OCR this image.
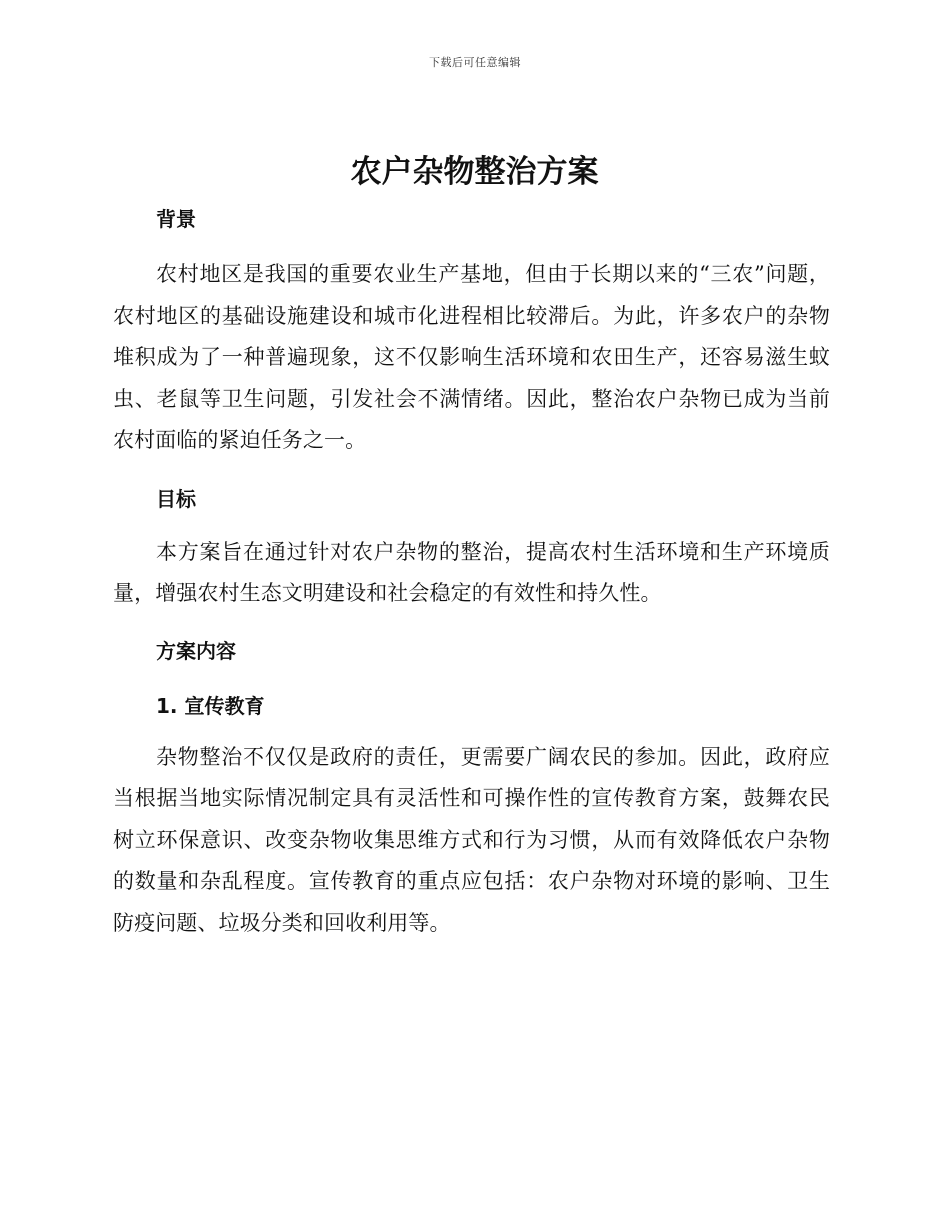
下载后可任意编辑
农户杂物整治方案
背景

农村地区是我国的重要农业生产基地，但由于长期以来的“三农”问题，农村地区的基础设施建设和城市化进程相比较滞后。为此，许多农户的杂物堆积成为了一种普遍现象，这不仅影响生活环境和农田生产，还容易滋生蚊虫、老鼠等卫生问题，引发社会不满情绪。因此，整治农户杂物已成为当前农村面临的紧迫任务之一。

目标

本方案旨在通过针对农户杂物的整治，提高农村生活环境和生产环境质量，增强农村生态文明建设和社会稳定的有效性和持久性。

方案内容
1. 宣传教育

杂物整治不仅仅是政府的责任，更需要广阔农民的参加。因此，政府应当根据当地实际情况制定具有灵活性和可操作性的宣传教育方案，鼓舞农民树立环保意识、改变杂物收集思维方式和行为习惯，从而有效降低农户杂物的数量和杂乱程度。宣传教育的重点应包括：农户杂物对环境的影响、卫生防疫问题、垃圾分类和回收利用等。
